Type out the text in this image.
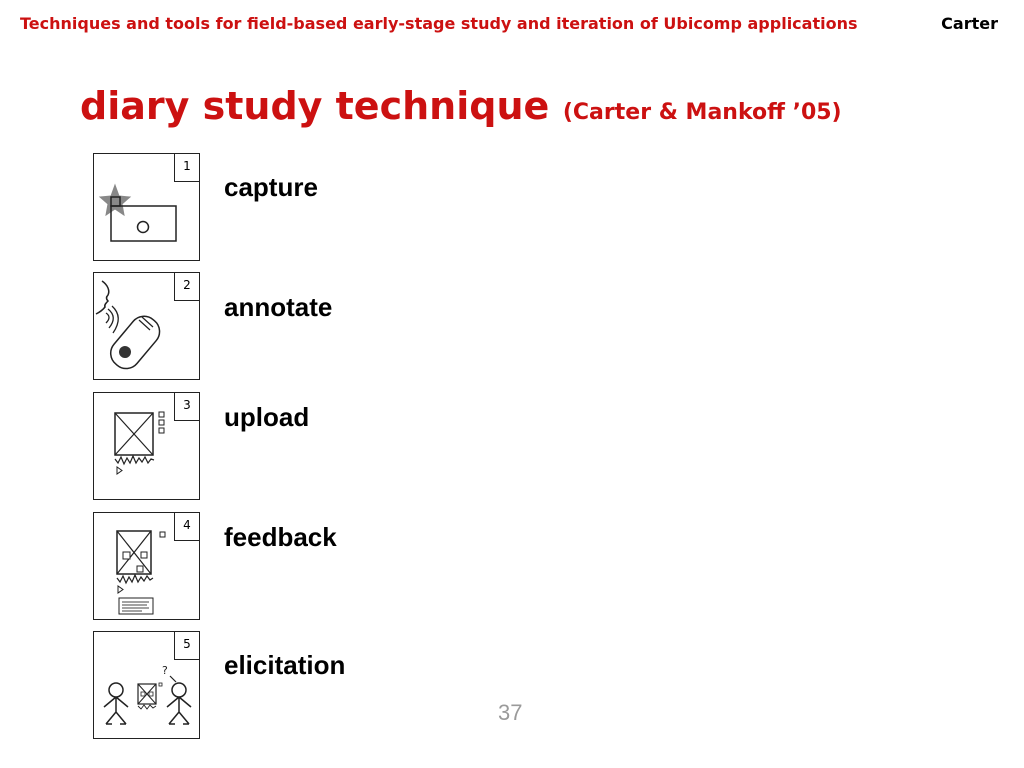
Techniques and tools for field-based early-stage study and iteration of Ubicomp applications	Carter
diary study technique (Carter & Mankoff ’05)
1
capture
2
annotate
3	upload
4	feedback
?
5
elicitation
37
